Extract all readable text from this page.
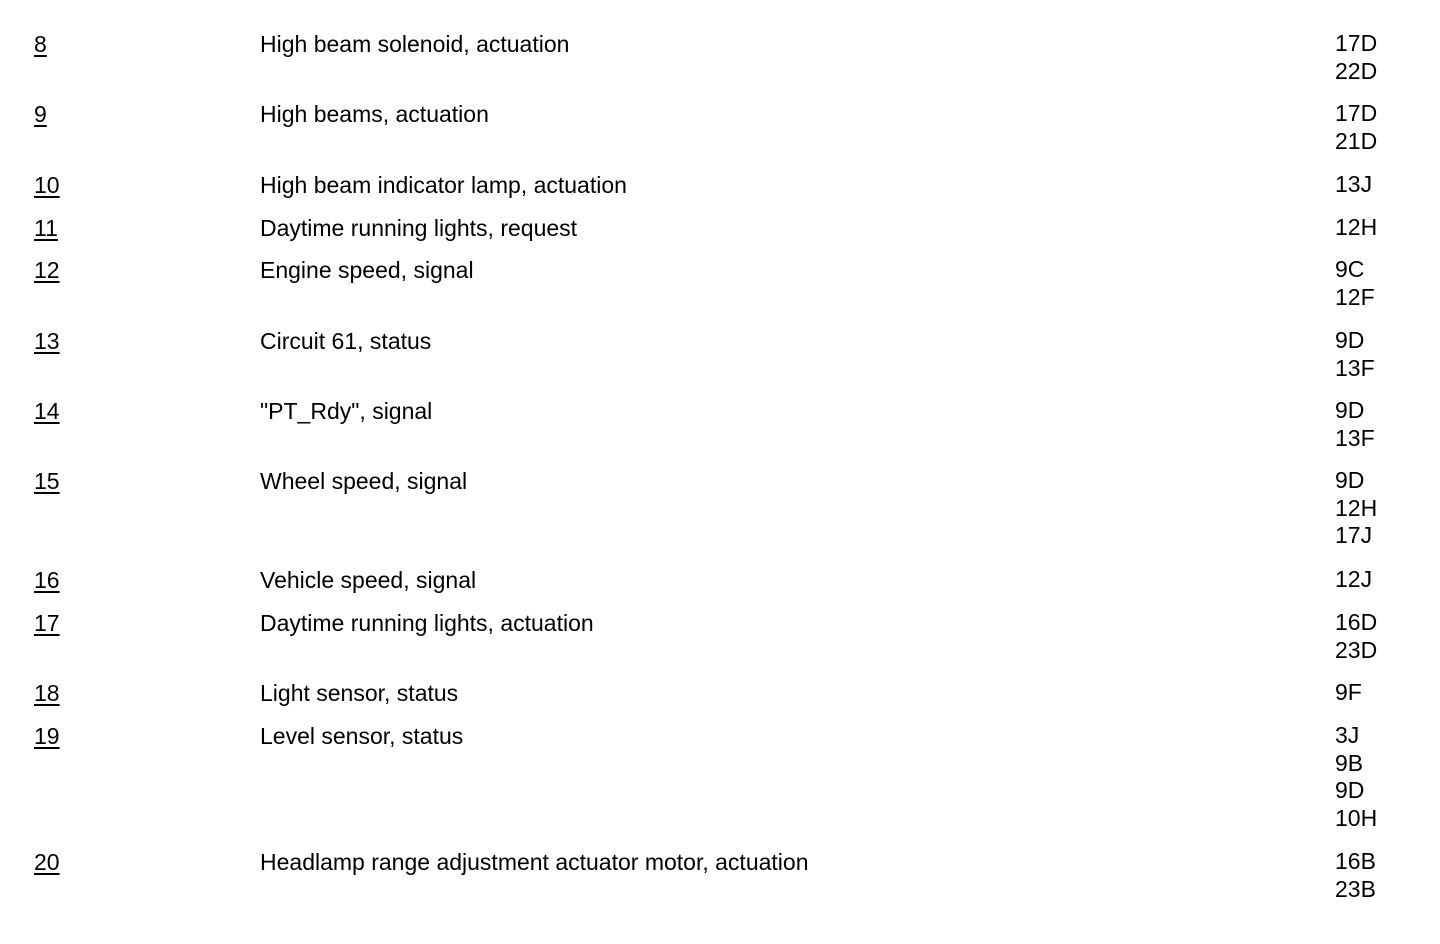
8	High beam solenoid, actuation	17D
22D
9	High beams, actuation	17D
21D
10	High beam indicator lamp, actuation	13J
11	Daytime running lights, request	12H
12	Engine speed, signal	9C
12F
13	Circuit 61, status	9D
13F
14	"PT_Rdy", signal	9D
13F
15	Wheel speed, signal	9D
12H
17J
16	Vehicle speed, signal	12J
17	Daytime running lights, actuation	16D
23D
18	Light sensor, status	9F
19	Level sensor, status	3J
9B
9D
10H
20	Headlamp range adjustment actuator motor, actuation	16B
23B
